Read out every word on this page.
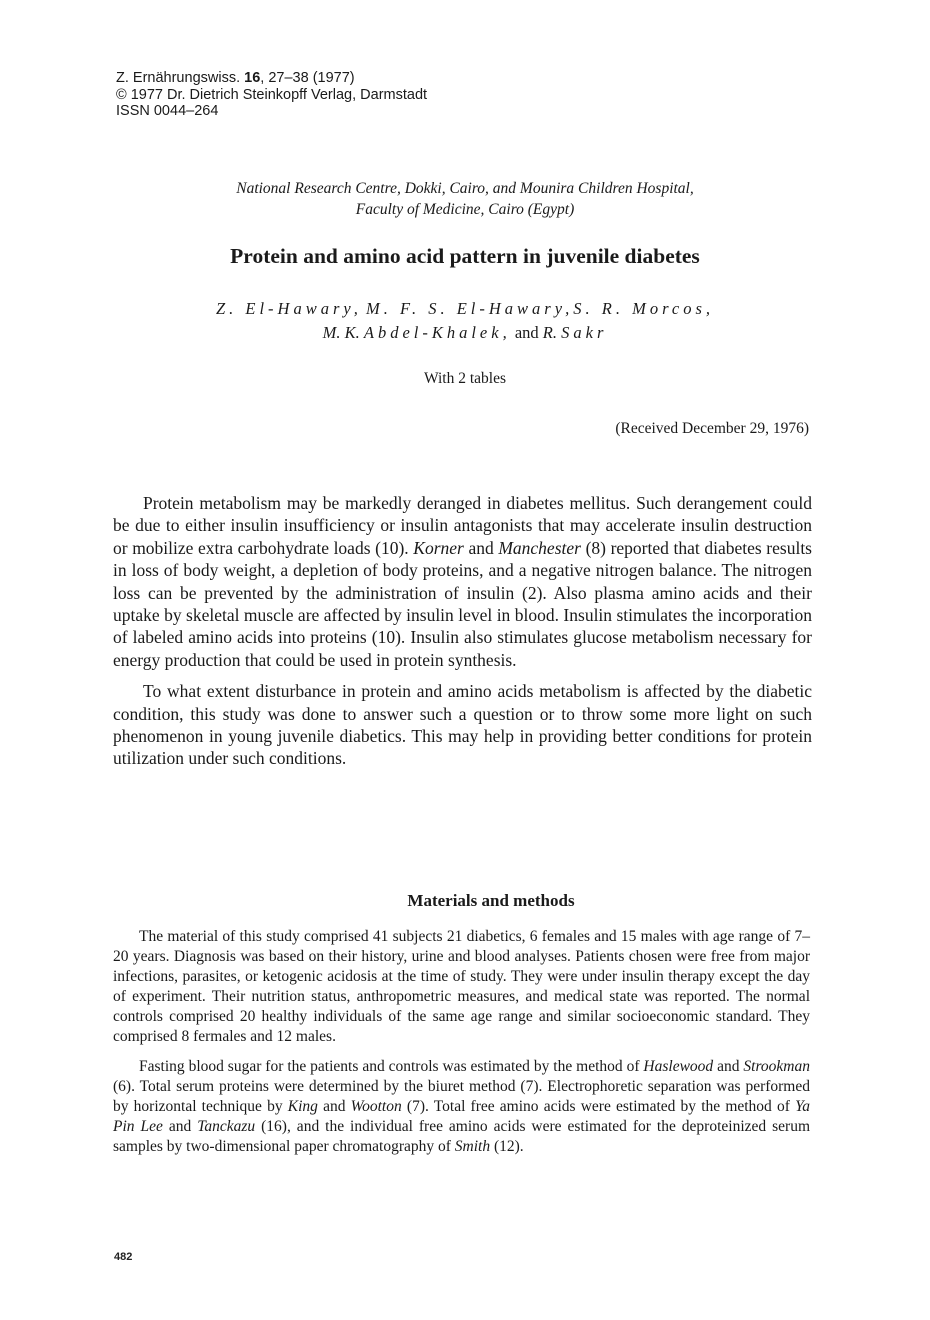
Z. Ernährungswiss. 16, 27–38 (1977)
© 1977 Dr. Dietrich Steinkopff Verlag, Darmstadt
ISSN 0044–264
National Research Centre, Dokki, Cairo, and Mounira Children Hospital,
Faculty of Medicine, Cairo (Egypt)
Protein and amino acid pattern in juvenile diabetes
Z. El-Hawary, M. F. S. El-Hawary,S. R. Morcos,
M. K. Abdel-Khalek, and R. Sakr
With 2 tables
(Received December 29, 1976)

Protein metabolism may be markedly deranged in diabetes mellitus. Such derangement could be due to either insulin insufficiency or insulin antagonists that may accelerate insulin destruction or mobilize extra carbohydrate loads (10). Korner and Manchester (8) reported that diabetes results in loss of body weight, a depletion of body proteins, and a negative nitrogen balance. The nitrogen loss can be prevented by the administration of insulin (2). Also plasma amino acids and their uptake by skeletal muscle are affected by insulin level in blood. Insulin stimulates the incorporation of labeled amino acids into proteins (10). Insulin also stimulates glucose metabolism necessary for energy production that could be used in protein synthesis.

To what extent disturbance in protein and amino acids metabolism is affected by the diabetic condition, this study was done to answer such a question or to throw some more light on such phenomenon in young juvenile diabetics. This may help in providing better conditions for protein utilization under such conditions.

Materials and methods

The material of this study comprised 41 subjects 21 diabetics, 6 females and 15 males with age range of 7–20 years. Diagnosis was based on their history, urine and blood analyses. Patients chosen were free from major infections, parasites, or ketogenic acidosis at the time of study. They were under insulin therapy except the day of experiment. Their nutrition status, anthropometric measures, and medical state was reported. The normal controls comprised 20 healthy individuals of the same age range and similar socioeconomic standard. They comprised 8 fermales and 12 males.

Fasting blood sugar for the patients and controls was estimated by the method of Haslewood and Strookman (6). Total serum proteins were determined by the biuret method (7). Electrophoretic separation was performed by horizontal technique by King and Wootton (7). Total free amino acids were estimated by the method of Ya Pin Lee and Tanckazu (16), and the individual free amino acids were estimated for the deproteinized serum samples by two-dimensional paper chromatography of Smith (12).

482
